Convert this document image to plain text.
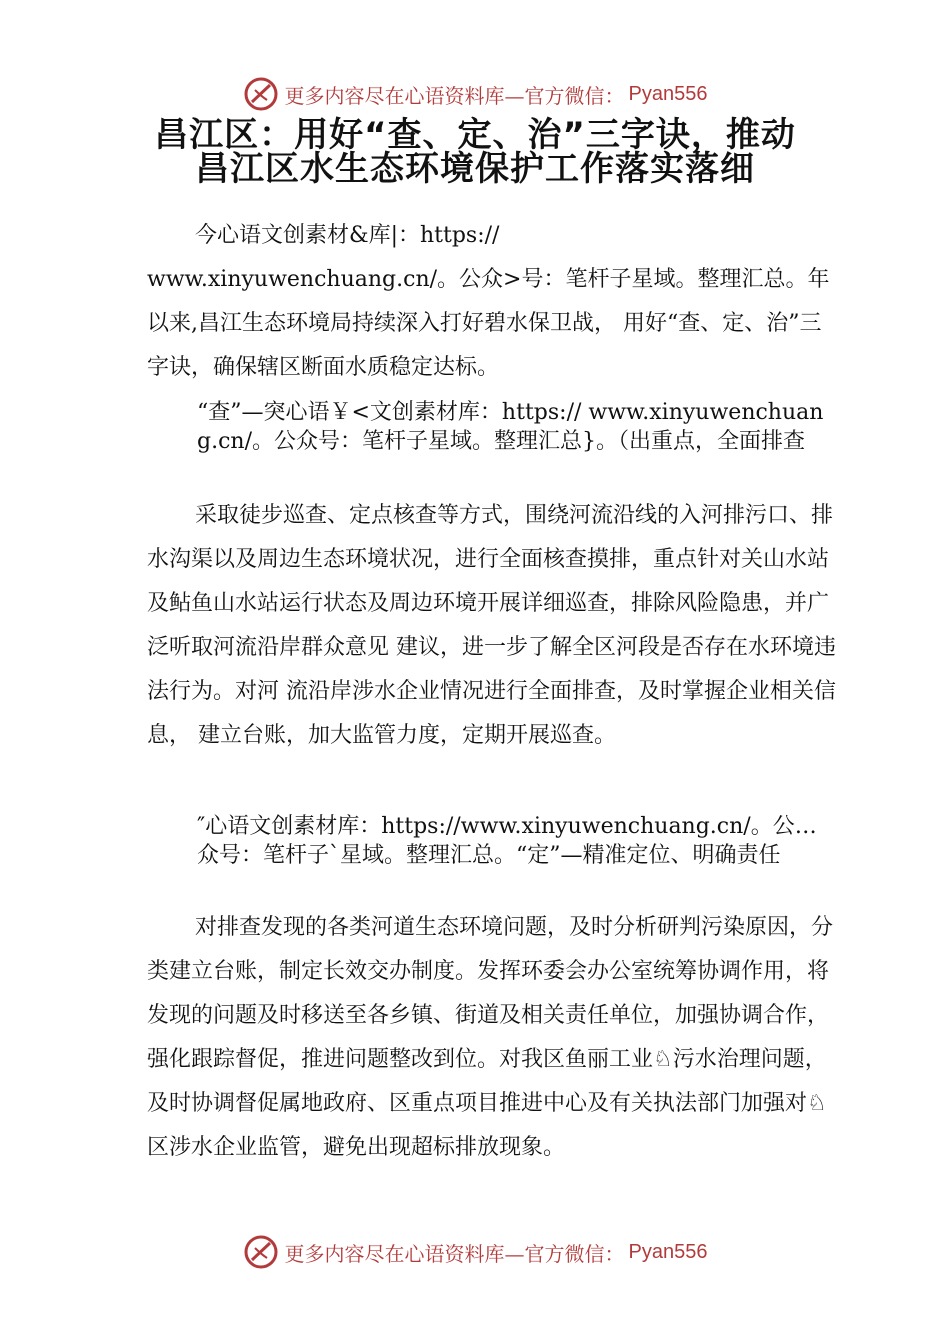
更多内容尽在心语资料库—官方微信： Pyan556
昌江区：用好“查、定、治”三字诀，推动
昌江区水生态环境保护工作落实落细

今心语文创素材&库|：https://
www.xinyuwenchuang.cn/。公众>号：笔杆子星域。整理汇总。年以来,昌江生态环境局持续深入打好碧水保卫战， 用好“查、定、治”三字诀，确保辖区断面水质稳定达标。

“查”—突心语￥<文创素材库：https:// www.xinyuwenchuang.cn/。公众号：笔杆子星域。整理汇总}。（出重点，全面排查

采取徒步巡查、定点核查等方式，围绕河流沿线的入河排污口、排水沟渠以及周边生态环境状况，进行全面核查摸排，重点针对关山水站及鲇鱼山水站运行状态及周边环境开展详细巡查，排除风险隐患，并广泛听取河流沿岸群众意见 建议，进一步了解全区河段是否存在水环境违法行为。对河 流沿岸涉水企业情况进行全面排查，及时掌握企业相关信息， 建立台账，加大监管力度，定期开展巡查。

″心语文创素材库：https://www.xinyuwenchuang.cn/。公…众号：笔杆子`星域。整理汇总。“定”—精准定位、明确责任

对排查发现的各类河道生态环境问题，及时分析研判污染原因，分类建立台账，制定长效交办制度。发挥环委会办公室统筹协调作用，将发现的问题及时移送至各乡镇、街道及相关责任单位，加强协调合作，强化跟踪督促，推进问题整改到位。对我区鱼丽工业♘污水治理问题，及时协调督促属地政府、区重点项目推进中心及有关执法部门加强对♘区涉水企业监管，避免出现超标排放现象。

更多内容尽在心语资料库—官方微信： Pyan556
